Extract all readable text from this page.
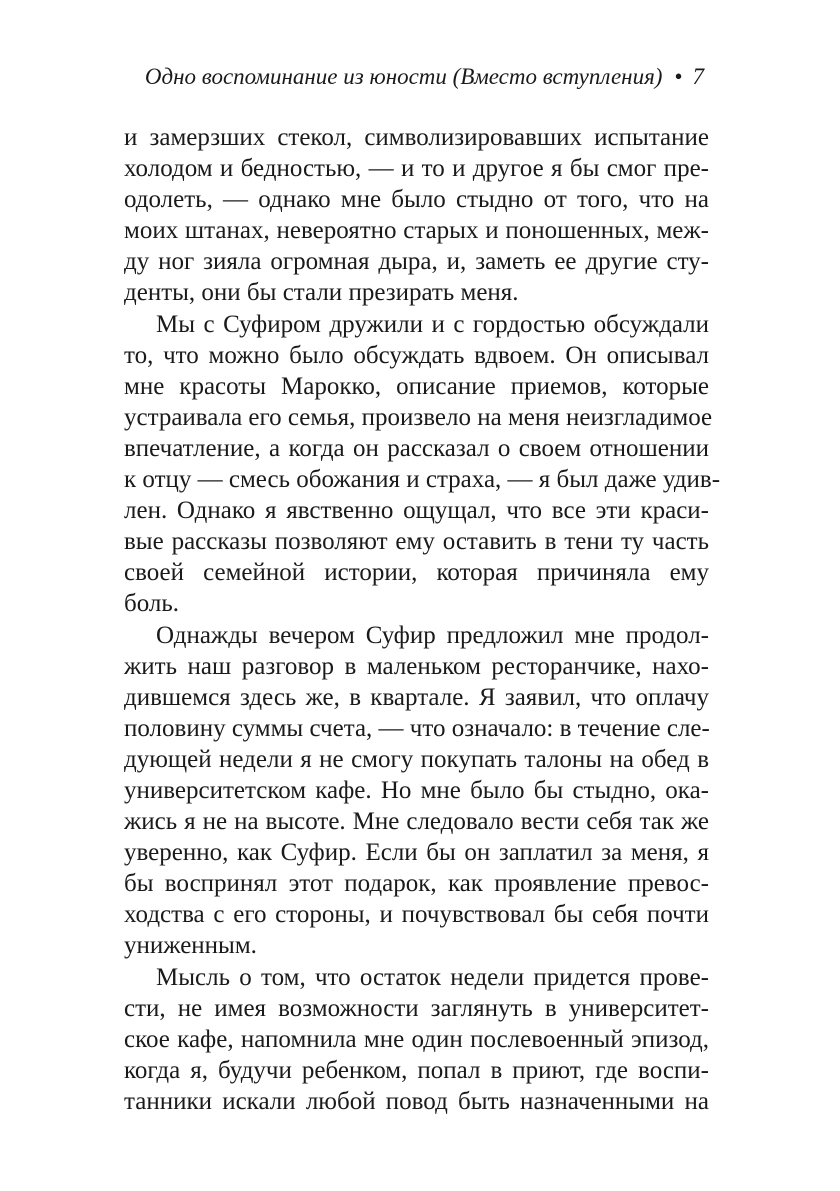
Одно воспоминание из юности (Вместо вступления) • 7
и замерзших стекол, символизировавших испытание
холодом и бедностью, — и то и другое я бы смог пре-
одолеть, — однако мне было стыдно от того, что на
моих штанах, невероятно старых и поношенных, меж-
ду ног зияла огромная дыра, и, заметь ее другие сту-
денты, они бы стали презирать меня.
Мы с Суфиром дружили и с гордостью обсуждали
то, что можно было обсуждать вдвоем. Он описывал
мне красоты Марокко, описание приемов, которые
устраивала его семья, произвело на меня неизгладимое
впечатление, а когда он рассказал о своем отношении
к отцу — смесь обожания и страха, — я был даже удив-
лен. Однако я явственно ощущал, что все эти краси-
вые рассказы позволяют ему оставить в тени ту часть
своей семейной истории, которая причиняла ему
боль.
Однажды вечером Суфир предложил мне продол-
жить наш разговор в маленьком ресторанчике, нахо-
дившемся здесь же, в квартале. Я заявил, что оплачу
половину суммы счета, — что означало: в течение сле-
дующей недели я не смогу покупать талоны на обед в
университетском кафе. Но мне было бы стыдно, ока-
жись я не на высоте. Мне следовало вести себя так же
уверенно, как Суфир. Если бы он заплатил за меня, я
бы воспринял этот подарок, как проявление превос-
ходства с его стороны, и почувствовал бы себя почти
униженным.
Мысль о том, что остаток недели придется прове-
сти, не имея возможности заглянуть в университет-
ское кафе, напомнила мне один послевоенный эпизод,
когда я, будучи ребенком, попал в приют, где воспи-
танники искали любой повод быть назначенными на
